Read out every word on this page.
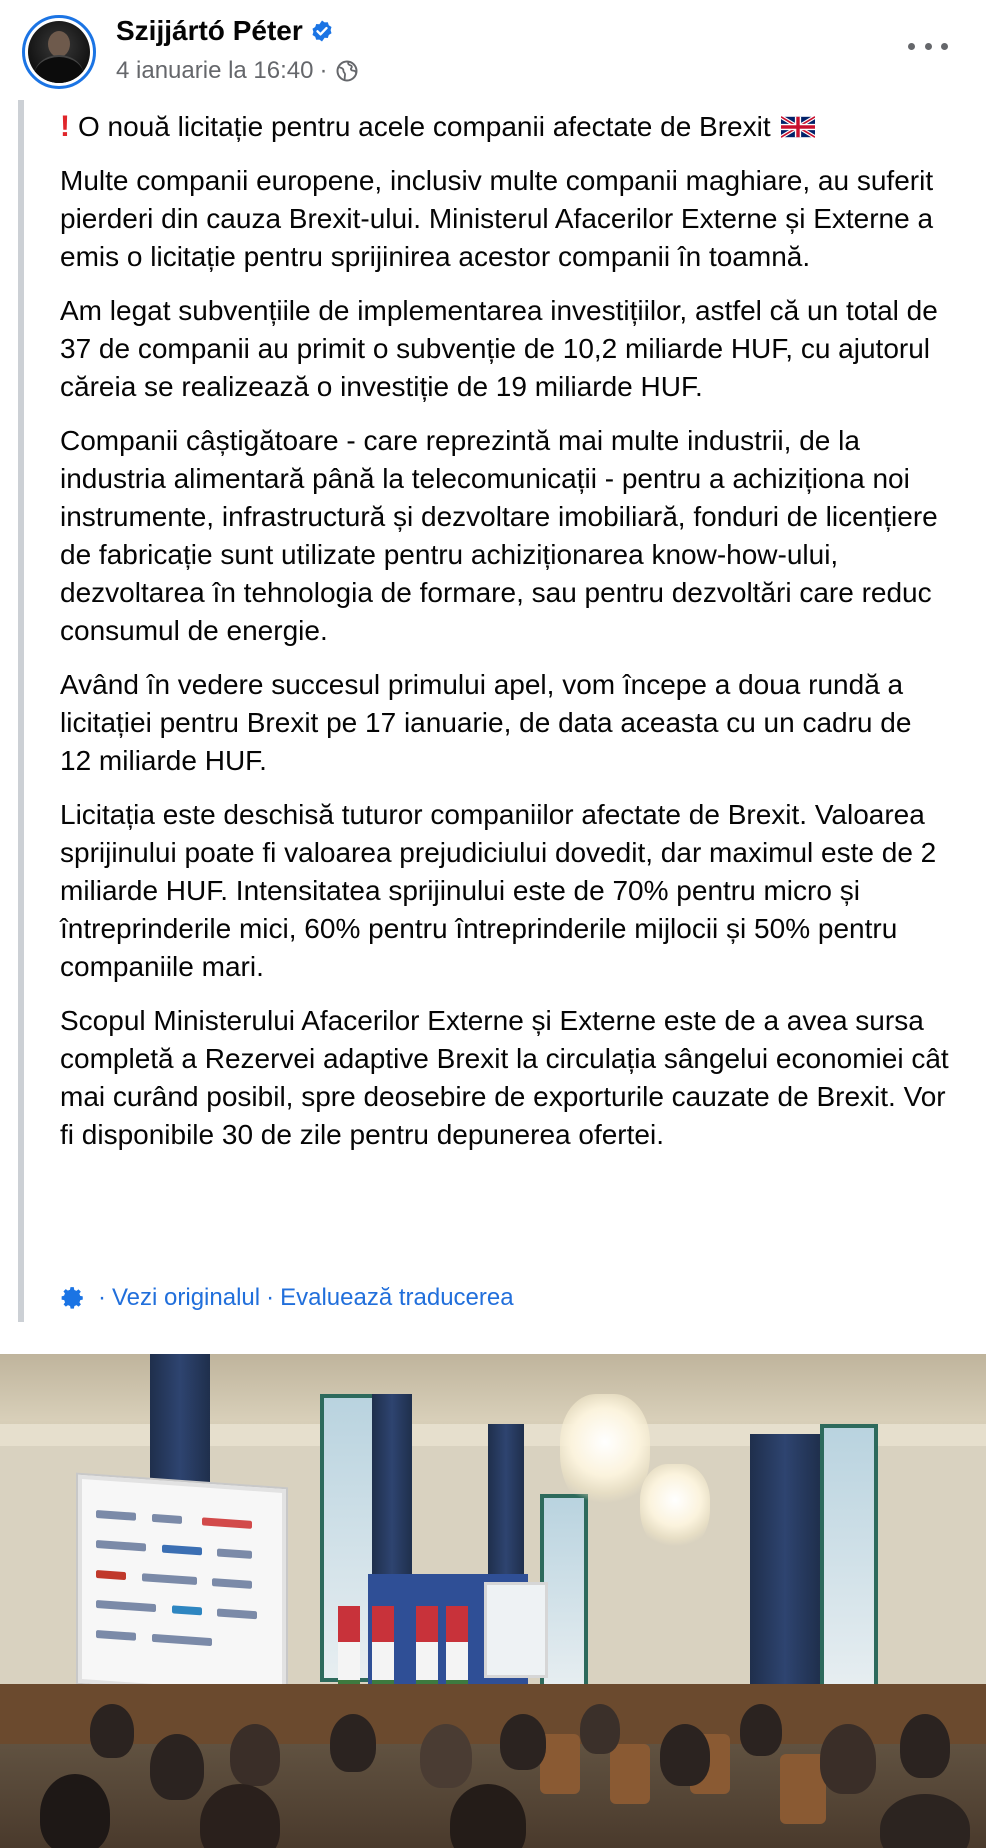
Szijjártó Péter
4 ianuarie la 16:40 ·

! O nouă licitație pentru acele companii afectate de Brexit

Multe companii europene, inclusiv multe companii maghiare, au suferit pierderi din cauza Brexit-ului. Ministerul Afacerilor Externe și Externe a emis o licitație pentru sprijinirea acestor companii în toamnă.

Am legat subvențiile de implementarea investițiilor, astfel că un total de 37 de companii au primit o subvenție de 10,2 miliarde HUF, cu ajutorul căreia se realizează o investiție de 19 miliarde HUF.

Companii câștigătoare - care reprezintă mai multe industrii, de la industria alimentară până la telecomunicații - pentru a achiziționa noi instrumente, infrastructură și dezvoltare imobiliară, fonduri de licențiere de fabricație sunt utilizate pentru achiziționarea know-how-ului, dezvoltarea în tehnologia de formare, sau pentru dezvoltări care reduc consumul de energie.

Având în vedere succesul primului apel, vom începe a doua rundă a licitației pentru Brexit pe 17 ianuarie, de data aceasta cu un cadru de 12 miliarde HUF.

Licitația este deschisă tuturor companiilor afectate de Brexit. Valoarea sprijinului poate fi valoarea prejudiciului dovedit, dar maximul este de 2 miliarde HUF. Intensitatea sprijinului este de 70% pentru micro și întreprinderile mici, 60% pentru întreprinderile mijlocii și 50% pentru companiile mari.

Scopul Ministerului Afacerilor Externe și Externe este de a avea sursa completă a Rezervei adaptive Brexit la circulația sângelui economiei cât mai curând posibil, spre deosebire de exporturile cauzate de Brexit. Vor fi disponibile 30 de zile pentru depunerea ofertei.

· Vezi originalul · Evaluează traducerea
